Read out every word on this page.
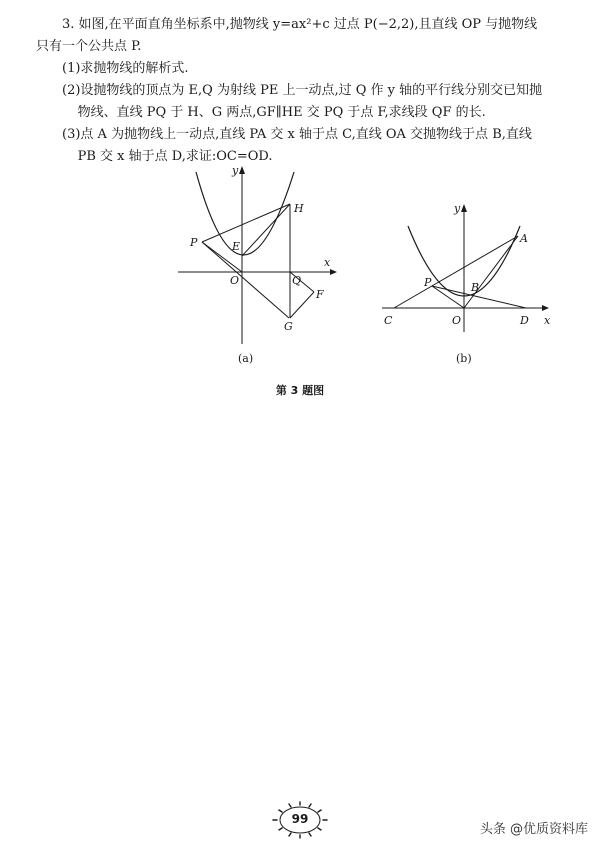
3. 如图,在平面直角坐标系中,抛物线 y=ax²+c 过点 P(−2,2),且直线 OP 与抛物线

只有一个公共点 P.

(1)求抛物线的解析式.

(2)设抛物线的顶点为 E,Q 为射线 PE 上一动点,过 Q 作 y 轴的平行线分别交已知抛

物线、直线 PQ 于 H、G 两点,GF∥HE 交 PQ 于点 F,求线段 QF 的长.

(3)点 A 为抛物线上一动点,直线 PA 交 x 轴于点 C,直线 OA 交抛物线于点 B,直线

PB 交 x 轴于点 D,求证:OC=OD.

y
x
P	E
O	Q
H
F
G
(a)
y
x
A
P	B
C	O	D
(b)
第 3 题图
99
头条 @优质资料库
